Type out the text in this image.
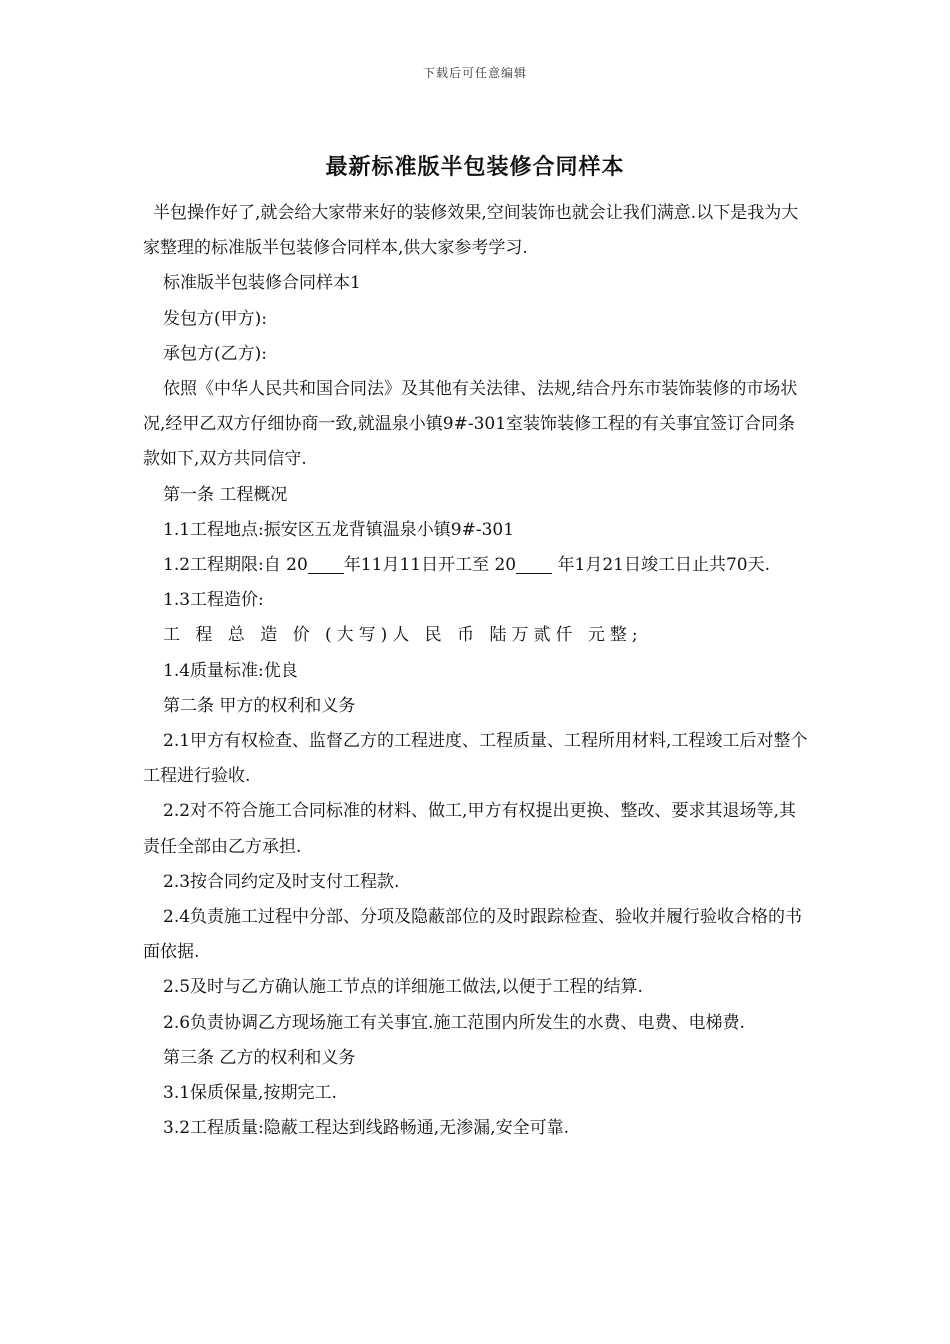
下载后可任意编辑
最新标准版半包装修合同样本

半包操作好了,就会给大家带来好的装修效果,空间装饰也就会让我们满意.以下是我为大家整理的标准版半包装修合同样本,供大家参考学习.

标准版半包装修合同样本1

发包方(甲方):

承包方(乙方):

依照《中华人民共和国合同法》及其他有关法律、法规,结合丹东市装饰装修的市场状况,经甲乙双方仔细协商一致,就温泉小镇9#-301室装饰装修工程的有关事宜签订合同条款如下,双方共同信守.

第一条 工程概况

1.1工程地点:振安区五龙背镇温泉小镇9#-301

1.2工程期限:自 20 年11月11日开工至 20 年1月21日竣工日止共70天.

1.3工程造价:

工 程 总 造 价 (大写)人 民 币 陆万贰仟 元整;

1.4质量标准:优良

第二条 甲方的权利和义务

2.1甲方有权检查、监督乙方的工程进度、工程质量、工程所用材料,工程竣工后对整个工程进行验收.

2.2对不符合施工合同标准的材料、做工,甲方有权提出更换、整改、要求其退场等,其责任全部由乙方承担.

2.3按合同约定及时支付工程款.

2.4负责施工过程中分部、分项及隐蔽部位的及时跟踪检查、验收并履行验收合格的书面依据.

2.5及时与乙方确认施工节点的详细施工做法,以便于工程的结算.

2.6负责协调乙方现场施工有关事宜.施工范围内所发生的水费、电费、电梯费.

第三条 乙方的权利和义务

3.1保质保量,按期完工.

3.2工程质量:隐蔽工程达到线路畅通,无渗漏,安全可靠.
